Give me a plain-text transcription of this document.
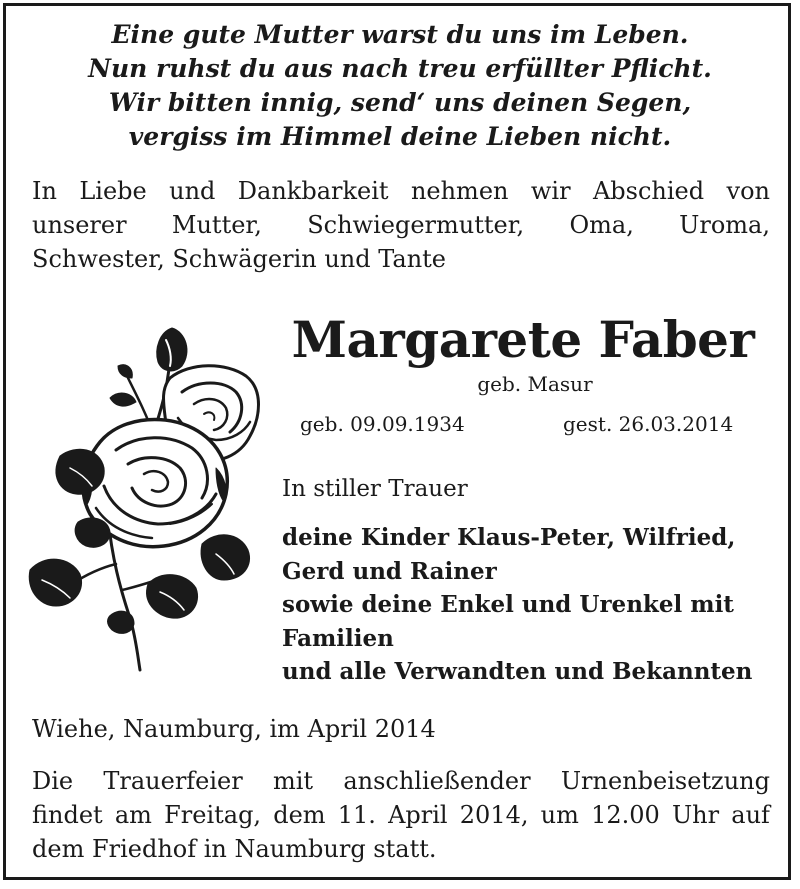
Eine gute Mutter warst du uns im Leben.
Nun ruhst du aus nach treu erfüllter Pflicht.
Wir bitten innig, send‘ uns deinen Segen,
vergiss im Himmel deine Lieben nicht.
In Liebe und Dankbarkeit nehmen wir Abschied von
unserer Mutter, Schwiegermutter, Oma, Uroma,
Schwester, Schwägerin und Tante
Margarete Faber
geb. Masur
geb. 09.09.1934	gest. 26.03.2014
In stiller Trauer
deine Kinder Klaus-Peter, Wilfried,
Gerd und Rainer
sowie deine Enkel und Urenkel mit
Familien
und alle Verwandten und Bekannten
Wiehe, Naumburg, im April 2014
Die Trauerfeier mit anschließender Urnenbeisetzung
findet am Freitag, dem 11. April 2014, um 12.00 Uhr auf
dem Friedhof in Naumburg statt.
